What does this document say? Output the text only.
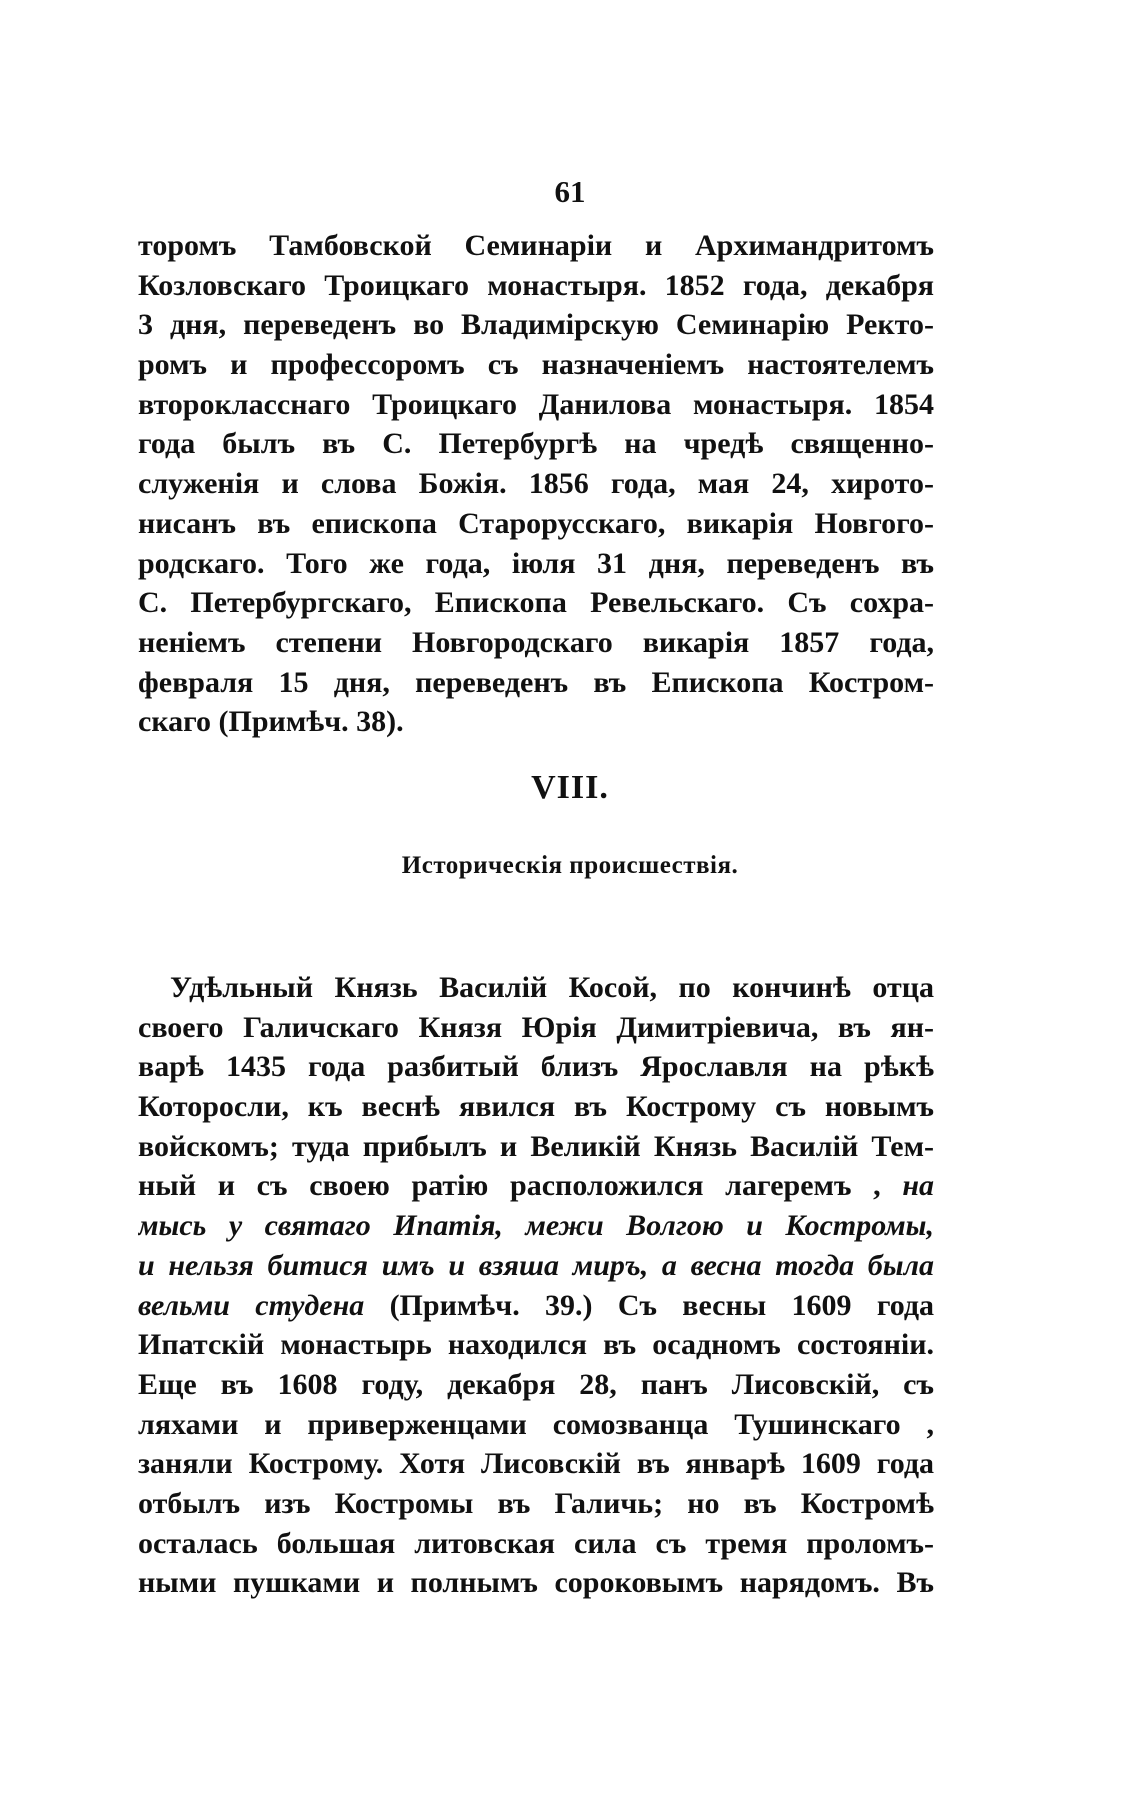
61
торомъ Тамбовской Семинаріи и Архимандритомъ
Козловскаго Троицкаго монастыря. 1852 года, декабря
3 дня, переведенъ во Владимірскую Семинарію Ректо-
ромъ и профессоромъ съ назначеніемъ настоятелемъ
второкласснаго Троицкаго Данилова монастыря. 1854
года былъ въ С. Петербургѣ на чредѣ священно-
служенія и слова Божія. 1856 года, мая 24, хирото-
нисанъ въ епископа Старорусскаго, викарія Новгого-
родскаго. Того же года, іюля 31 дня, переведенъ въ
С. Петербургскаго, Епископа Ревельскаго. Съ сохра-
неніемъ степени Новгородскаго викарія 1857 года,
февраля 15 дня, переведенъ въ Епископа Костром-
скаго (Примѣч. 38).
VIII.
Историческія происшествія.
Удѣльный Князь Василій Косой, по кончинѣ отца
своего Галичскаго Князя Юрія Димитріевича, въ ян-
варѣ 1435 года разбитый близъ Ярославля на рѣкѣ
Которосли, къ веснѣ явился въ Кострому съ новымъ
войскомъ; туда прибылъ и Великій Князь Василій Тем-
ный и съ своею ратію расположился лагеремъ , на
мысь у святаго Ипатія, межи Волгою и Костромы,
и нельзя битися имъ и взяша миръ, а весна тогда была
вельми студена (Примѣч. 39.) Съ весны 1609 года
Ипатскій монастырь находился въ осадномъ состояніи.
Еще въ 1608 году, декабря 28, панъ Лисовскій, съ
ляхами и приверженцами сомозванца Тушинскаго ,
заняли Кострому. Хотя Лисовскій въ январѣ 1609 года
отбылъ изъ Костромы въ Галичь; но въ Костромѣ
осталась большая литовская сила съ тремя проломъ-
ными пушками и полнымъ сороковымъ нарядомъ. Въ
